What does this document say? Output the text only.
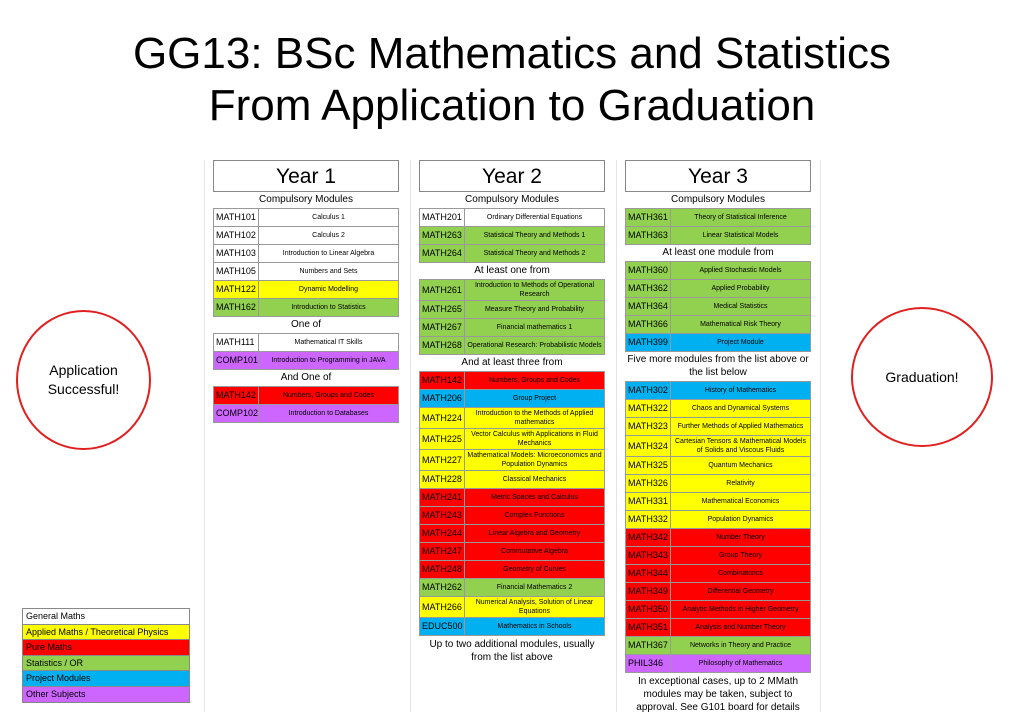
GG13: BSc Mathematics and Statistics
From Application to Graduation
Year 1
Compulsory Modules
MATH101	Calculus 1
MATH102	Calculus 2
MATH103	Introduction to Linear Algebra
MATH105	Numbers and Sets
MATH122	Dynamic Modelling
MATH162	Introduction to Statistics
One of
MATH111	Mathematical IT Skills
COMP101	Introduction to Programming in JAVA
And One of
MATH142	Numbers, Groups and Codes
COMP102	Introduction to Databases
Year 2
Compulsory Modules
MATH201	Ordinary Differential Equations
MATH263	Statistical Theory and Methods 1
MATH264	Statistical Theory and Methods 2
At least one from
MATH261	Introduction to Methods of Operational Research
MATH265	Measure Theory and Probability
MATH267	Financial mathematics 1
MATH268 Operational Research: Probabilistic Models
And at least three from
MATH142	Numbers, Groups and Codes
MATH206	Group Project
MATH224	Introduction to the Methods of Applied mathematics
MATH225	Vector Calculus with Applications in Fluid Mechanics
MATH227 Mathematical Models: Microeconomics and Population Dynamics
MATH228	Classical Mechanics
MATH241	Metric Spaces and Calculus
MATH243	Complex Functions
MATH244	Linear Algebra and Geometry
MATH247	Commutative Algebra
MATH248	Geometry of Curves
MATH262	Financial Mathematics 2
MATH266	Numerical Analysis, Solution of Linear Equations
EDUC500	Mathematics in Schools
Up to two additional modules, usually from the list above
Year 3
Compulsory Modules
MATH361	Theory of Statistical Inference
MATH363	Linear Statistical Models
At least one module from
MATH360	Applied Stochastic Models
MATH362	Applied Probability
MATH364	Medical Statistics
MATH366	Mathematical Risk Theory
MATH399	Project Module
Five more modules from the list above or the list below
MATH302	History of Mathematics
MATH322	Chaos and Dynamical Systems
MATH323	Further Methods of Applied Mathematics
MATH324	Cartesian Tensors & Mathematical Models of Solids and Viscous Fluids
MATH325	Quantum Mechanics
MATH326	Relativity
MATH331	Mathematical Economics
MATH332	Population Dynamics
MATH342	Number Theory
MATH343	Group Theory
MATH344	Combinatorics
MATH349	Differential Geometry
MATH350	Analytic Methods in Higher Geometry
MATH351	Analysis and Number Theory
MATH367	Networks in Theory and Practice
PHIL346	Philosophy of Mathematics
In exceptional cases, up to 2 MMath modules may be taken, subject to approval. See G101 board for details
Application Successful!
Graduation!
General Maths
Applied Maths / Theoretical Physics
Pure Maths
Statistics / OR
Project Modules
Other Subjects
